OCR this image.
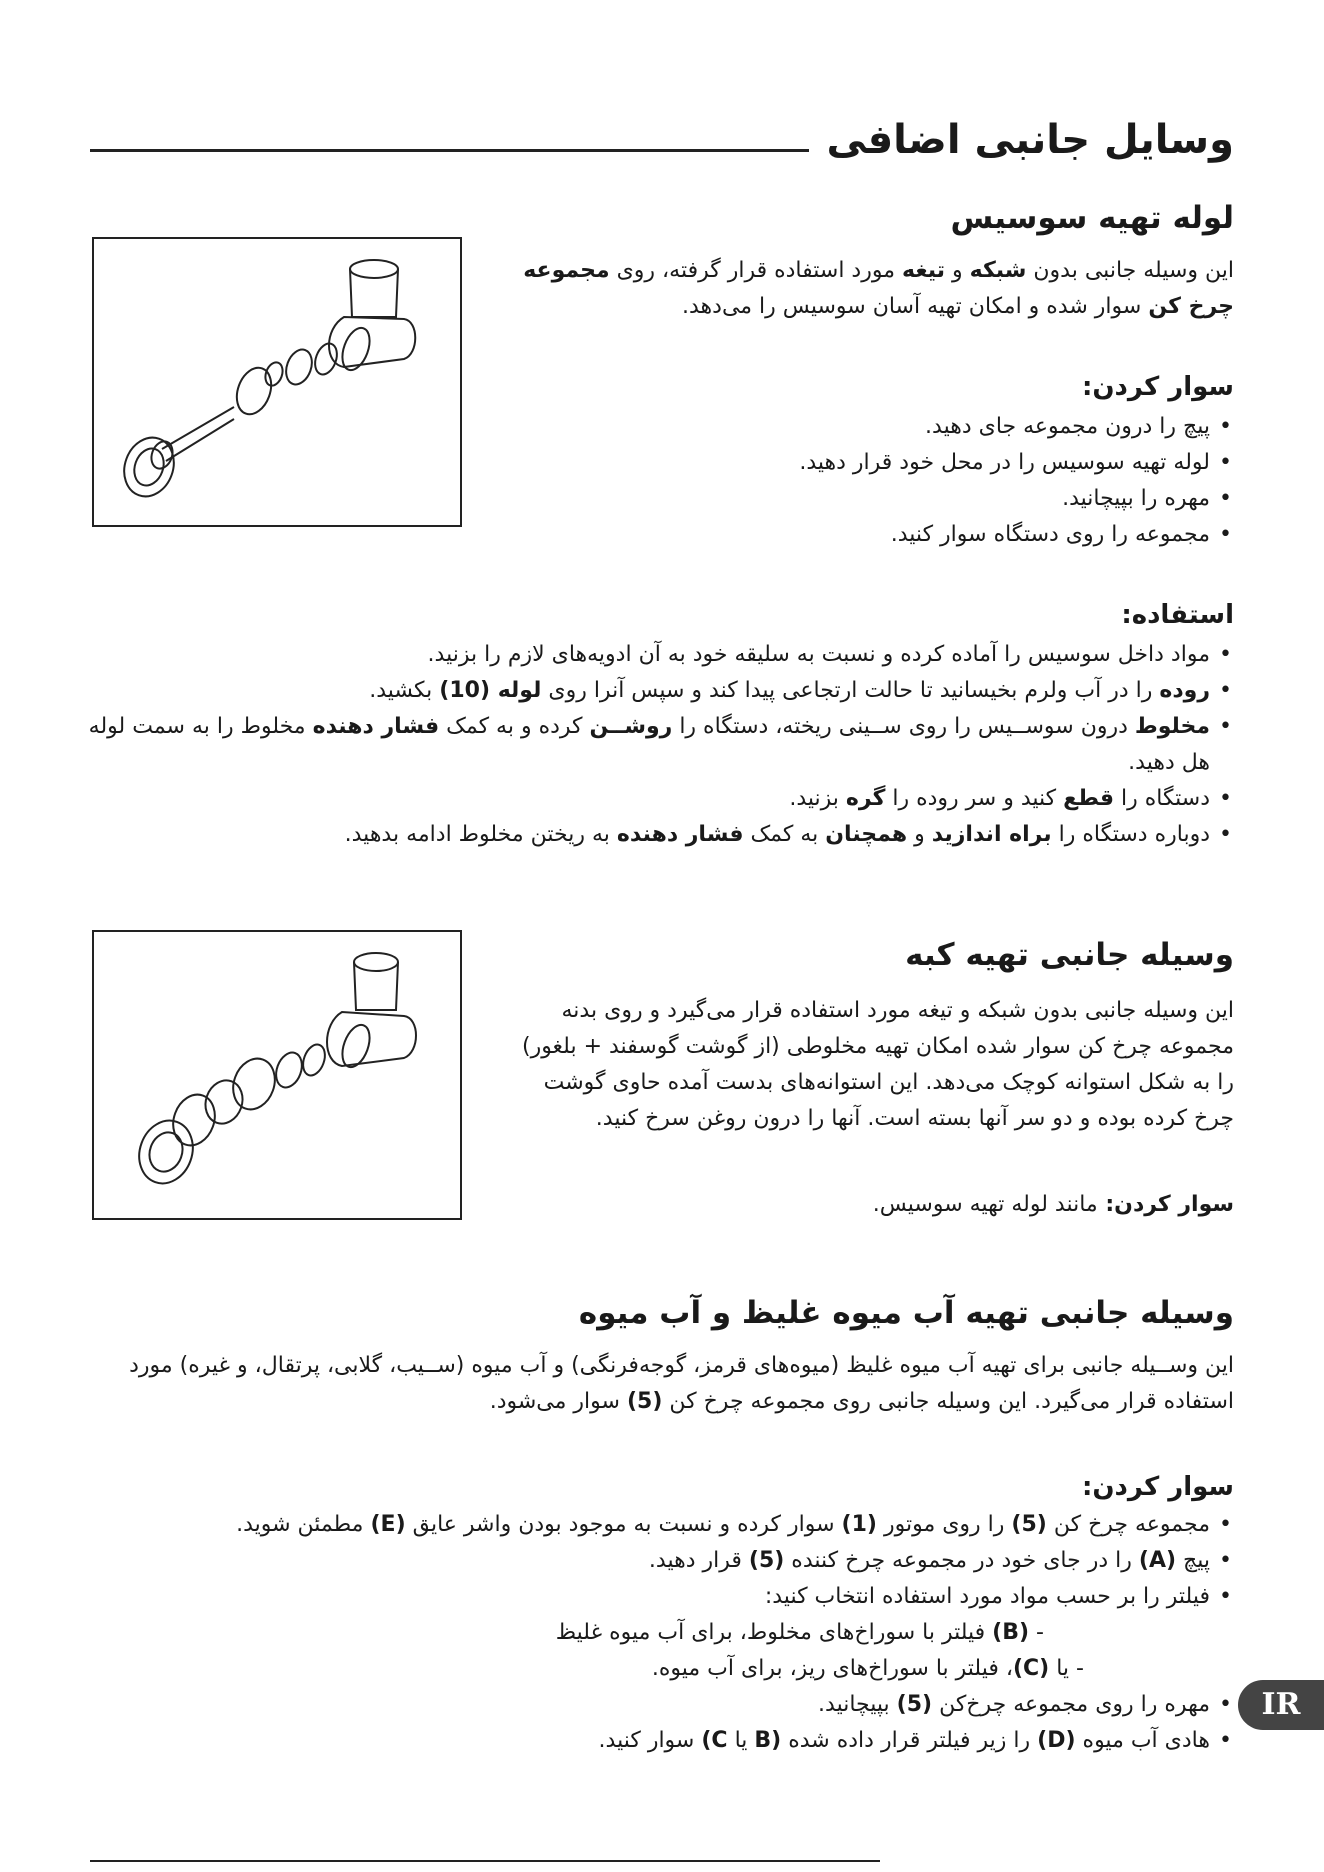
وسایل جانبی اضافی
لوله تهیه سوسیس

این وسیله جانبی بدون شبکه و تیغه مورد استفاده قرار گرفته، روی مجموعه چرخ کن سوار شده و امکان تهیه آسان سوسیس را می‌دهد.

سوار کردن:
• پیچ را درون مجموعه جای دهید.
• لوله تهیه سوسیس را در محل خود قرار دهید.
• مهره را بپیچانید.
• مجموعه را روی دستگاه سوار کنید.
استفاده:
• مواد داخل سوسیس را آماده کرده و نسبت به سلیقه خود به آن ادویه‌های لازم را بزنید.
• روده را در آب ولرم بخیسانید تا حالت ارتجاعی پیدا کند و سپس آنرا روی لوله (10) بکشید.
• مخلوط درون سوســیس را روی ســینی ریخته، دستگاه را روشــن کرده و به کمک فشار دهنده مخلوط را به سمت لوله هل دهید.
• دستگاه را قطع کنید و سر روده را گره بزنید.
• دوباره دستگاه را براه اندازید و همچنان به کمک فشار دهنده به ریختن مخلوط ادامه بدهید.
وسیله جانبی تهیه کبه

این وسیله جانبی بدون شبکه و تیغه مورد استفاده قرار می‌گیرد و روی بدنه مجموعه چرخ کن سوار شده امکان تهیه مخلوطی (از گوشت گوسفند + بلغور) را به شکل استوانه کوچک می‌دهد. این استوانه‌های بدست آمده حاوی گوشت چرخ کرده بوده و دو سر آنها بسته است. آنها را درون روغن سرخ کنید.

سوار کردن: مانند لوله تهیه سوسیس.

وسیله جانبی تهیه آب میوه غلیظ و آب میوه

این وســیله جانبی برای تهیه آب میوه غلیظ (میوه‌های قرمز، گوجه‌فرنگی) و آب میوه (ســیب، گلابی، پرتقال، و غیره) مورد استفاده قرار می‌گیرد. این وسیله جانبی روی مجموعه چرخ کن (5) سوار می‌شود.

سوار کردن:
• مجموعه چرخ کن (5) را روی موتور (1) سوار کرده و نسبت به موجود بودن واشر عایق (E) مطمئن شوید.
• پیچ (A) را در جای خود در مجموعه چرخ کننده (5) قرار دهید.
• فیلتر را بر حسب مواد مورد استفاده انتخاب کنید:
- (B) فیلتر با سوراخ‌های مخلوط، برای آب میوه غلیظ
- یا (C)، فیلتر با سوراخ‌های ریز، برای آب میوه.
• مهره را روی مجموعه چرخ‌کن (5) بپیچانید.
• هادی آب میوه (D) را زیر فیلتر قرار داده شده (B یا C) سوار کنید.
IR
